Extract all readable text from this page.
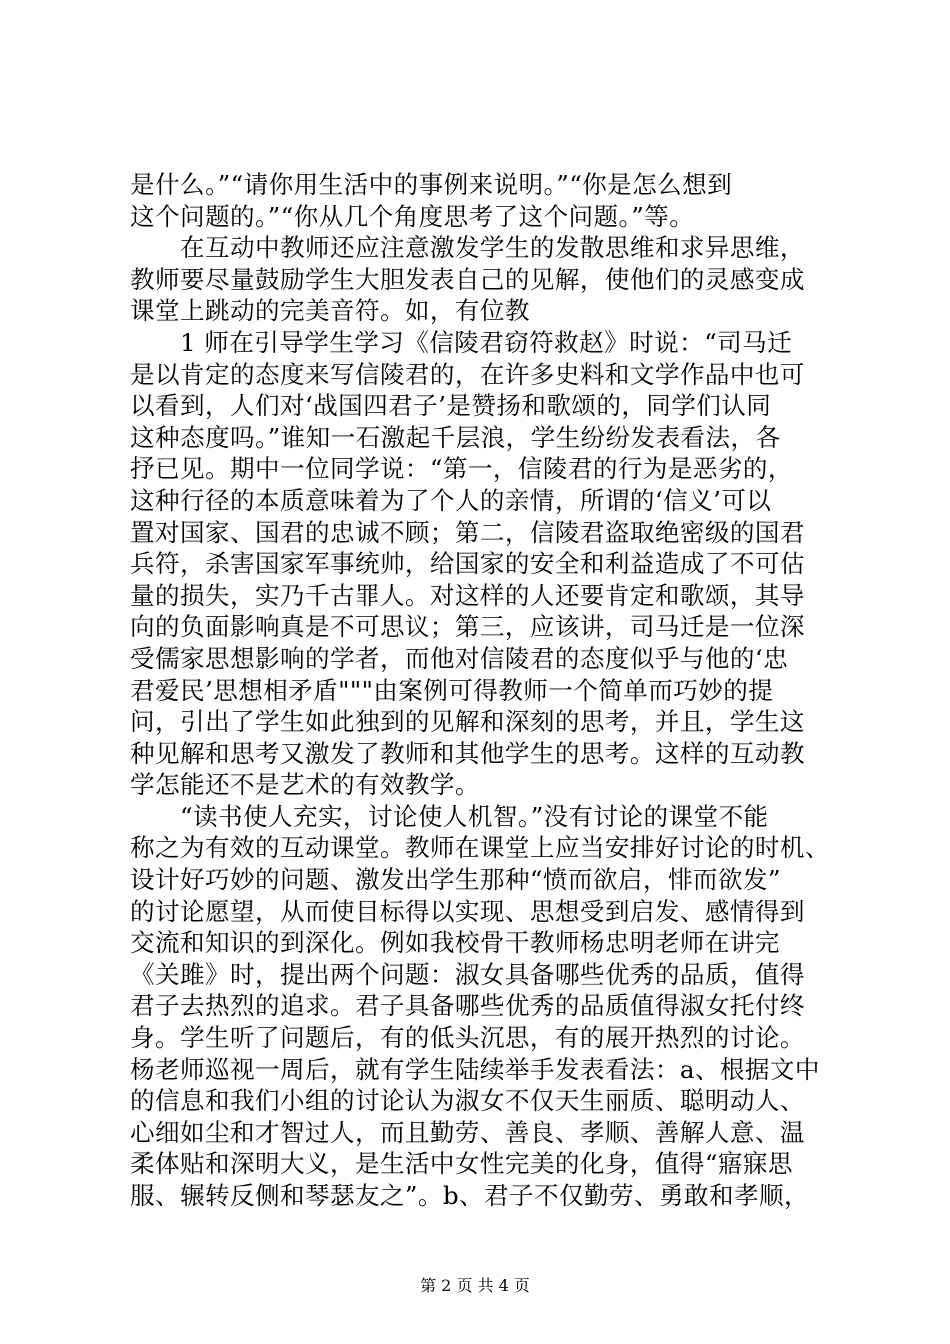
是什么。”“请你用生活中的事例来说明。”“你是怎么想到
这个问题的。”“你从几个角度思考了这个问题。”等。
在互动中教师还应注意激发学生的发散思维和求异思维，
教师要尽量鼓励学生大胆发表自己的见解，使他们的灵感变成
课堂上跳动的完美音符。如，有位教
1 师在引导学生学习《信陵君窃符救赵》时说：“司马迁
是以肯定的态度来写信陵君的，在许多史料和文学作品中也可
以看到，人们对‘战国四君子’是赞扬和歌颂的，同学们认同
这种态度吗。”谁知一石激起千层浪，学生纷纷发表看法，各
抒已见。期中一位同学说：“第一，信陵君的行为是恶劣的，
这种行径的本质意味着为了个人的亲情，所谓的‘信义’可以
置对国家、国君的忠诚不顾；第二，信陵君盗取绝密级的国君
兵符，杀害国家军事统帅，给国家的安全和利益造成了不可估
量的损失，实乃千古罪人。对这样的人还要肯定和歌颂，其导
向的负面影响真是不可思议；第三，应该讲，司马迁是一位深
受儒家思想影响的学者，而他对信陵君的态度似乎与他的‘忠
君爱民’思想相矛盾"""由案例可得教师一个简单而巧妙的提
问，引出了学生如此独到的见解和深刻的思考，并且，学生这
种见解和思考又激发了教师和其他学生的思考。这样的互动教
学怎能还不是艺术的有效教学。
“读书使人充实，讨论使人机智。”没有讨论的课堂不能
称之为有效的互动课堂。教师在课堂上应当安排好讨论的时机、
设计好巧妙的问题、激发出学生那种“愤而欲启，悱而欲发”
的讨论愿望，从而使目标得以实现、思想受到启发、感情得到
交流和知识的到深化。例如我校骨干教师杨忠明老师在讲完
《关雎》时，提出两个问题：淑女具备哪些优秀的品质，值得
君子去热烈的追求。君子具备哪些优秀的品质值得淑女托付终
身。学生听了问题后，有的低头沉思，有的展开热烈的讨论。
杨老师巡视一周后，就有学生陆续举手发表看法：a、根据文中
的信息和我们小组的讨论认为淑女不仅天生丽质、聪明动人、
心细如尘和才智过人，而且勤劳、善良、孝顺、善解人意、温
柔体贴和深明大义，是生活中女性完美的化身，值得“寤寐思
服、辗转反侧和琴瑟友之”。b、君子不仅勤劳、勇敢和孝顺，
第 2 页 共 4 页
